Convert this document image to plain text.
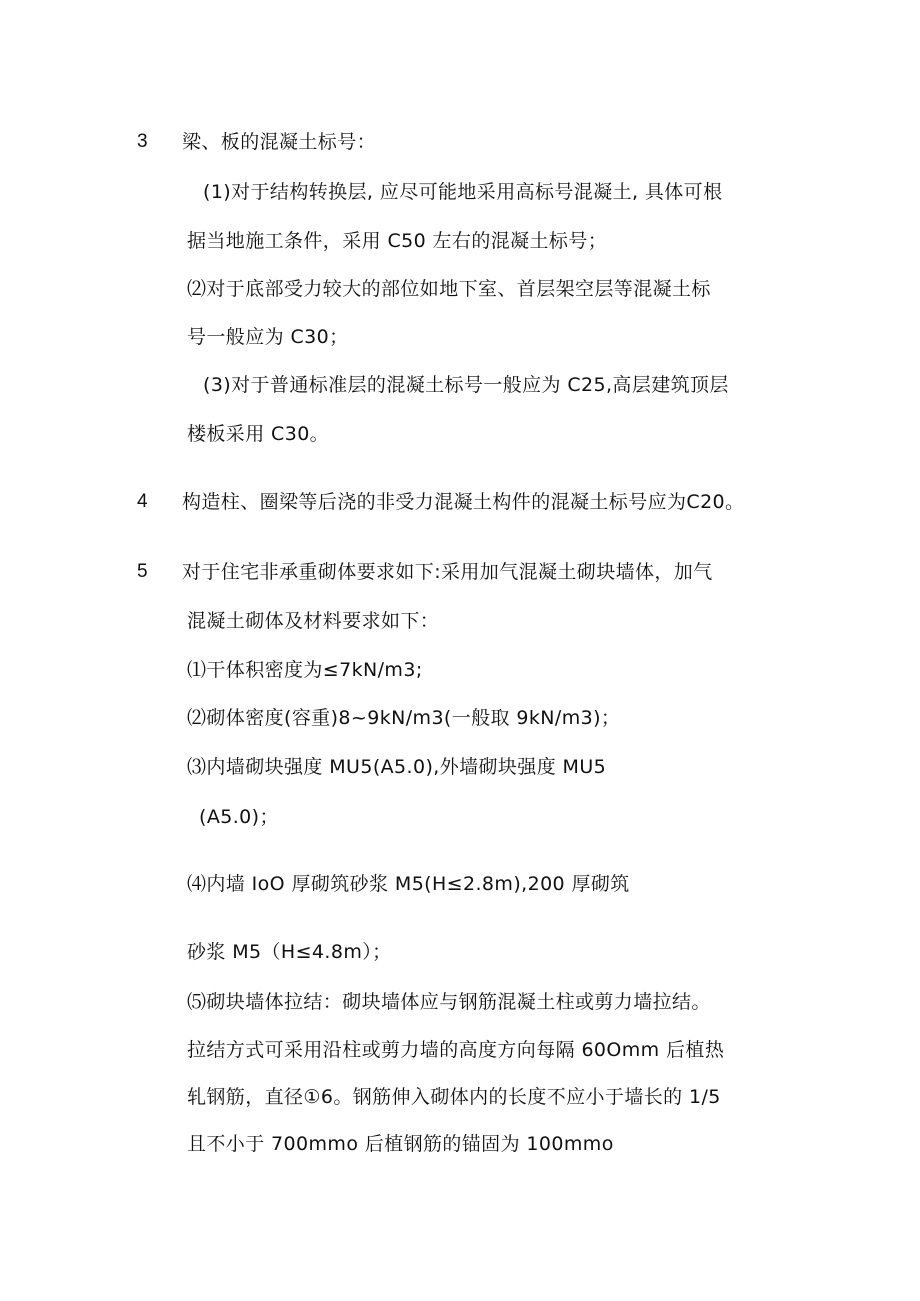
3 梁、板的混凝土标号：
(1)对于结构转换层, 应尽可能地采用高标号混凝土, 具体可根
据当地施工条件，采用 C50 左右的混凝土标号；
⑵对于底部受力较大的部位如地下室、首层架空层等混凝土标
号一般应为 C30；
(3)对于普通标准层的混凝土标号一般应为 C25,高层建筑顶层
楼板采用 C30。
4 构造柱、圈梁等后浇的非受力混凝土构件的混凝土标号应为C20。
5 对于住宅非承重砌体要求如下:采用加气混凝土砌块墙体，加气
混凝土砌体及材料要求如下：
⑴干体积密度为≤7kN∕m3;
⑵砌体密度(容重)8~9kN∕m3(一般取 9kN∕m3)；
⑶内墙砌块强度 MU5(A5.0),外墙砌块强度 MU5
(A5.0)；
⑷内墙 IoO 厚砌筑砂浆 M5(H≤2.8m),200 厚砌筑
砂浆 M5（H≤4.8m）；
⑸砌块墙体拉结：砌块墙体应与钢筋混凝土柱或剪力墙拉结。
拉结方式可采用沿柱或剪力墙的高度方向每隔 60Omm 后植热
轧钢筋，直径①6。钢筋伸入砌体内的长度不应小于墙长的 1/5
且不小于 700mmo 后植钢筋的锚固为 100mmo
